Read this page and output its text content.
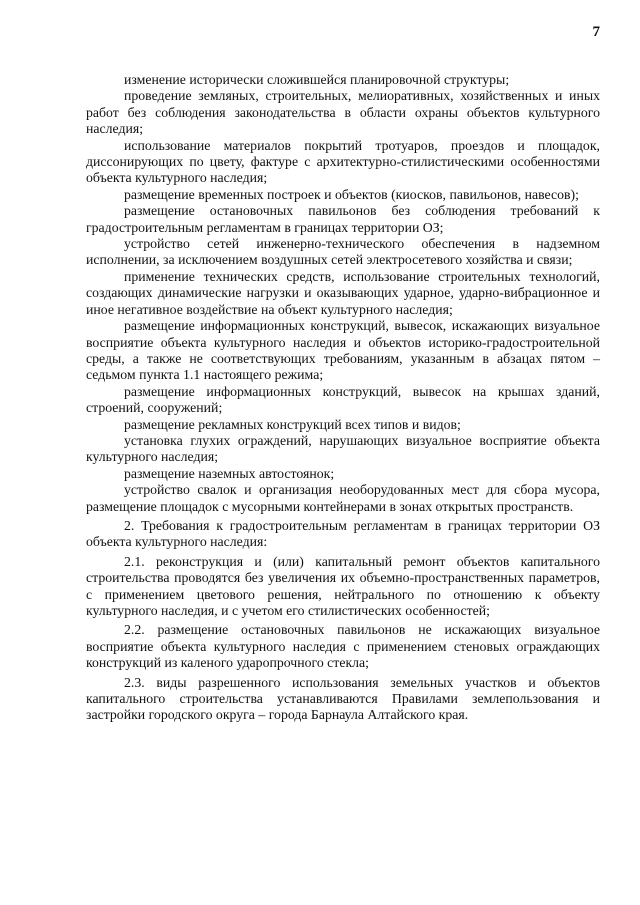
7

изменение исторически сложившейся планировочной структуры;

проведение земляных, строительных, мелиоративных, хозяйственных и иных работ без соблюдения законодательства в области охраны объектов культурного наследия;

использование материалов покрытий тротуаров, проездов и площадок, диссонирующих по цвету, фактуре с архитектурно-стилистическими особенностями объекта культурного наследия;

размещение временных построек и объектов (киосков, павильонов, навесов);

размещение остановочных павильонов без соблюдения требований к градостроительным регламентам в границах территории ОЗ;

устройство сетей инженерно-технического обеспечения в надземном исполнении, за исключением воздушных сетей электросетевого хозяйства и связи;

применение технических средств, использование строительных технологий, создающих динамические нагрузки и оказывающих ударное, ударно-вибрационное и иное негативное воздействие на объект культурного наследия;

размещение информационных конструкций, вывесок, искажающих визуальное восприятие объекта культурного наследия и объектов историко-градостроительной среды, а также не соответствующих требованиям, указанным в абзацах пятом – седьмом пункта 1.1 настоящего режима;

размещение информационных конструкций, вывесок на крышах зданий, строений, сооружений;

размещение рекламных конструкций всех типов и видов;

установка глухих ограждений, нарушающих визуальное восприятие объекта культурного наследия;

размещение наземных автостоянок;

устройство свалок и организация необорудованных мест для сбора мусора, размещение площадок с мусорными контейнерами в зонах открытых пространств.

2. Требования к градостроительным регламентам в границах территории ОЗ объекта культурного наследия:

2.1. реконструкция и (или) капитальный ремонт объектов капитального строительства проводятся без увеличения их объемно-пространственных параметров, с применением цветового решения, нейтрального по отношению к объекту культурного наследия, и с учетом его стилистических особенностей;

2.2. размещение остановочных павильонов не искажающих визуальное восприятие объекта культурного наследия с применением стеновых ограждающих конструкций из каленого ударопрочного стекла;

2.3. виды разрешенного использования земельных участков и объектов капитального строительства устанавливаются Правилами землепользования и застройки городского округа – города Барнаула Алтайского края.
